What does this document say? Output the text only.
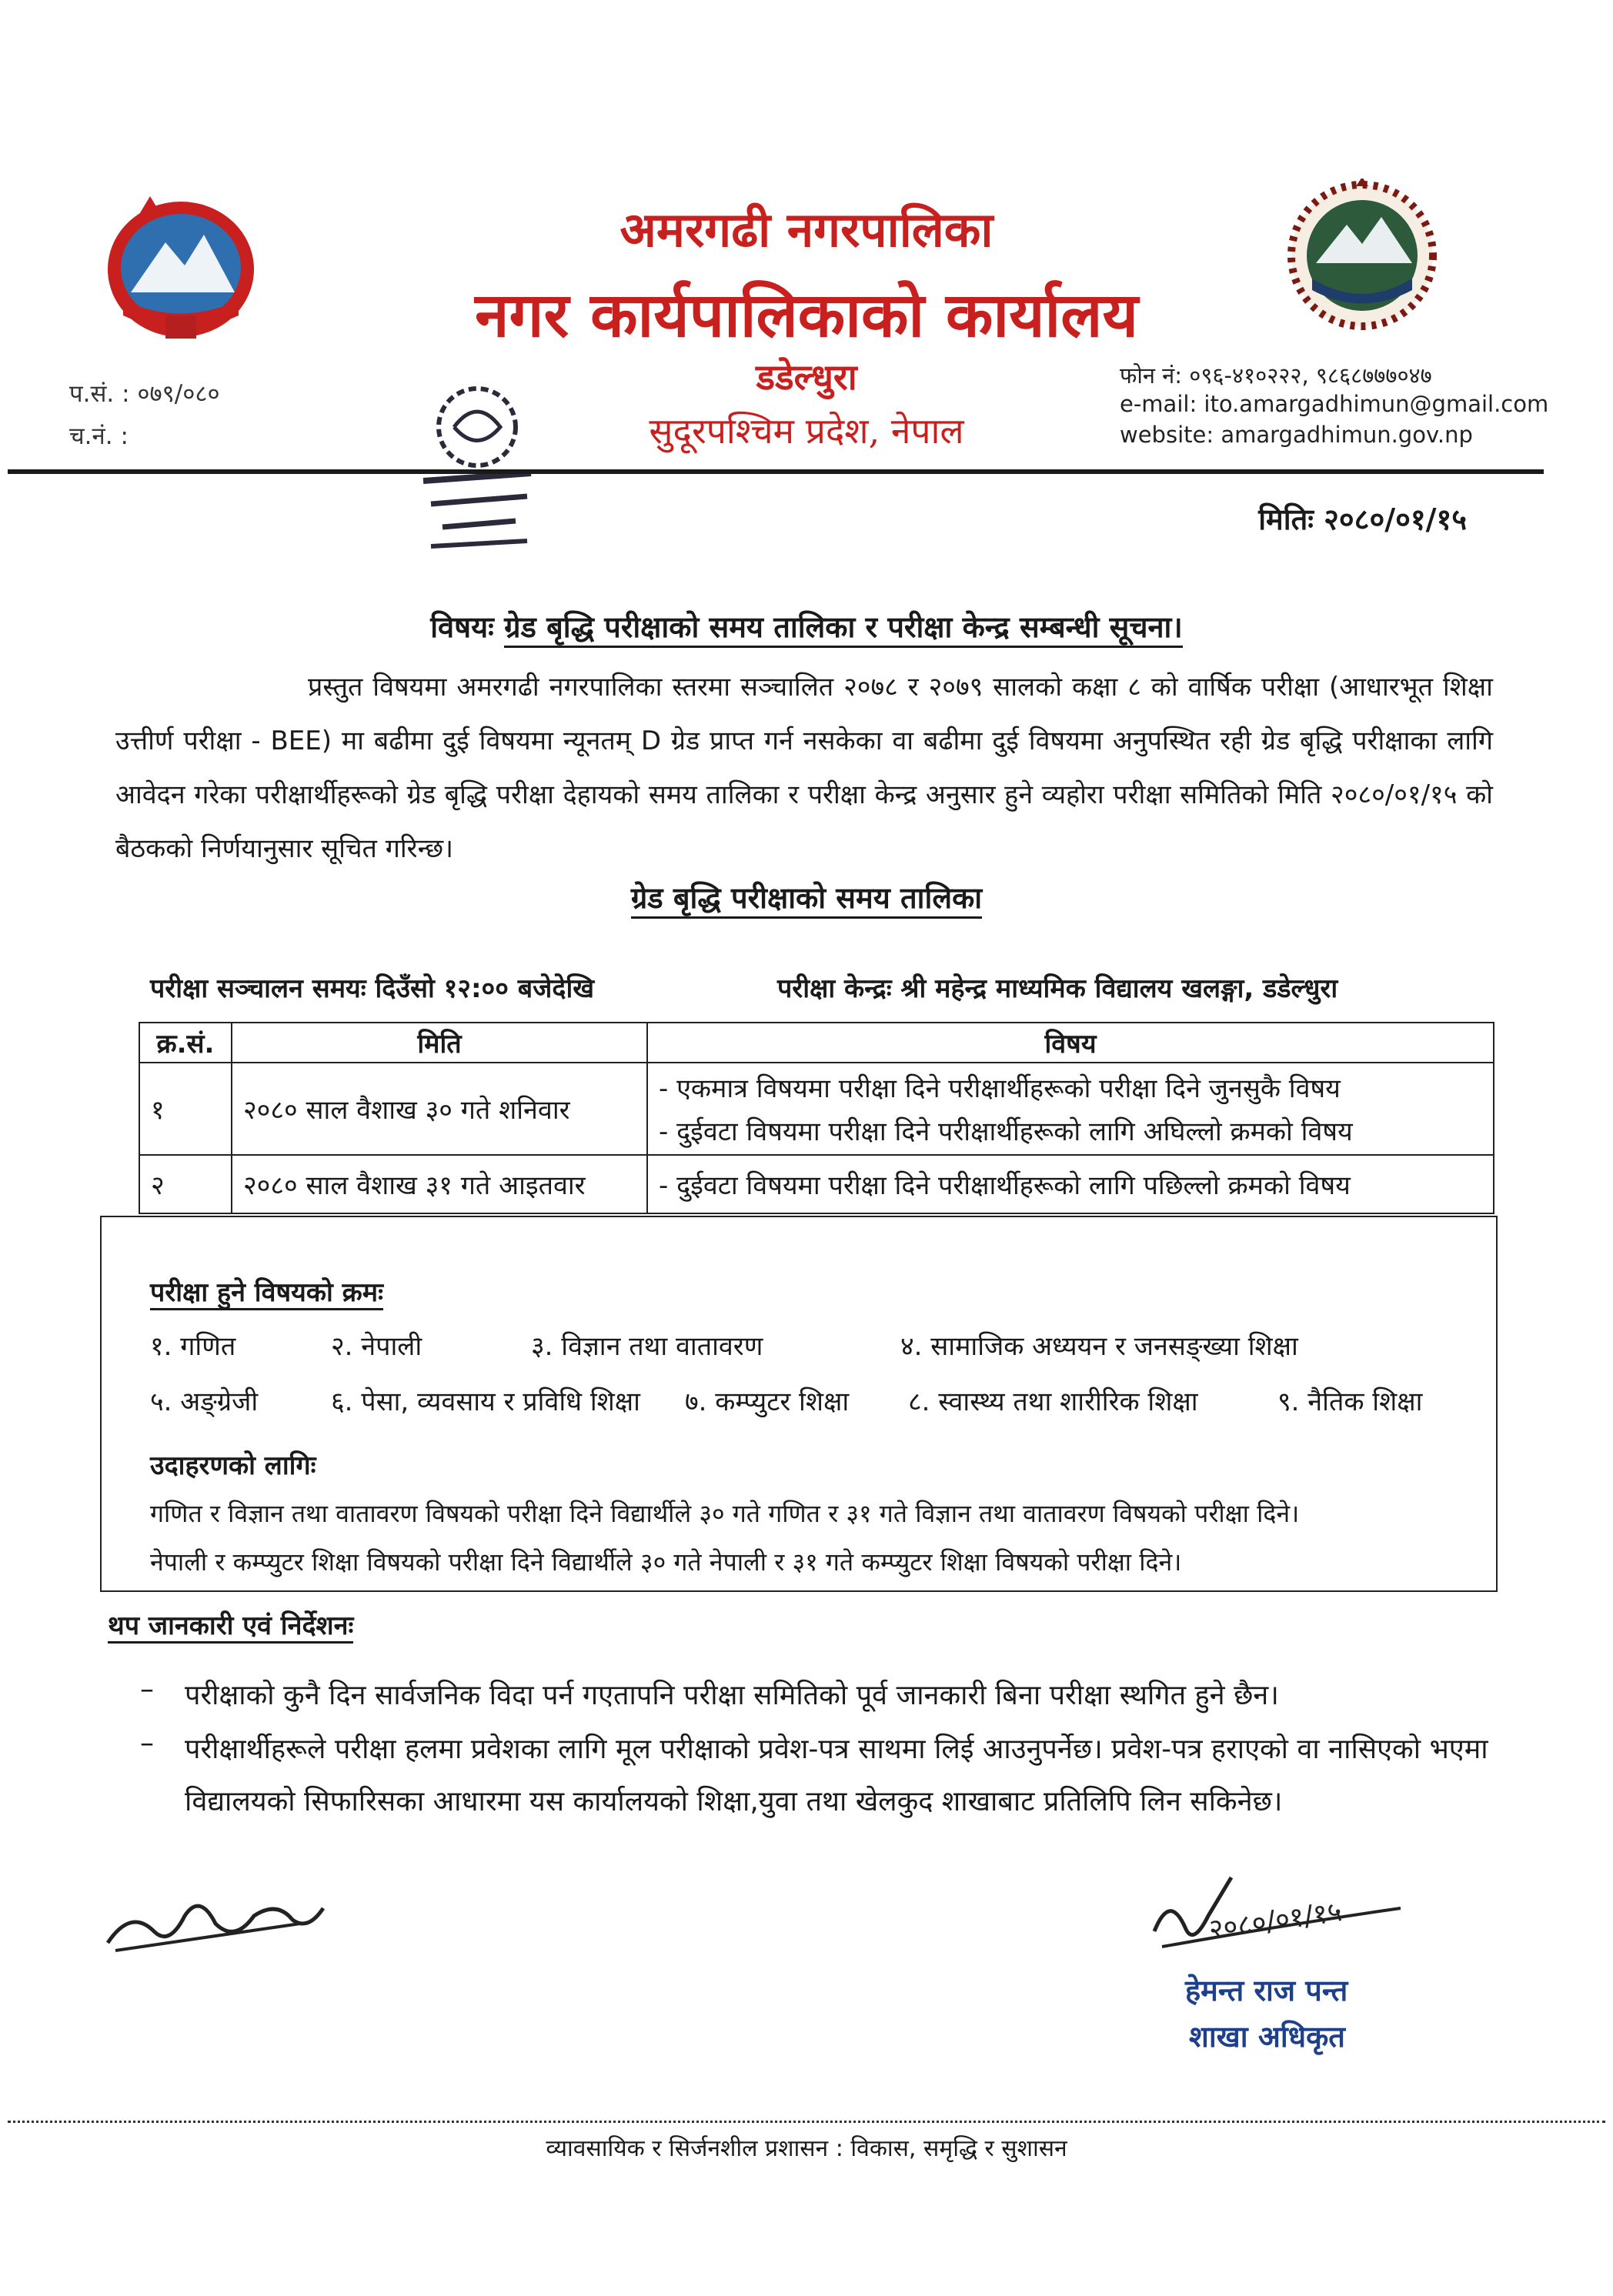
अमरगढी नगरपालिका
नगर कार्यपालिकाको कार्यालय
डडेल्धुरा
सुदूरपश्चिम प्रदेश, नेपाल
प.सं. : ०७९/०८०
च.नं. :
फोन नं: ०९६-४१०२२२, ९८६८७७७०४७
e-mail: ito.amargadhimun@gmail.com
website: amargadhimun.gov.np
मितिः २०८०/०१/१५
विषयः ग्रेड बृद्धि परीक्षाको समय तालिका र परीक्षा केन्द्र सम्बन्धी सूचना।
प्रस्तुत विषयमा अमरगढी नगरपालिका स्तरमा सञ्चालित २०७८ र २०७९ सालको कक्षा ८ को वार्षिक परीक्षा (आधारभूत शिक्षा उत्तीर्ण परीक्षा - BEE) मा बढीमा दुई विषयमा न्यूनतम् D ग्रेड प्राप्त गर्न नसकेका वा बढीमा दुई विषयमा अनुपस्थित रही ग्रेड बृद्धि परीक्षाका लागि आवेदन गरेका परीक्षार्थीहरूको ग्रेड बृद्धि परीक्षा देहायको समय तालिका र परीक्षा केन्द्र अनुसार हुने व्यहोरा परीक्षा समितिको मिति २०८०/०१/१५ को बैठकको निर्णयानुसार सूचित गरिन्छ।
ग्रेड बृद्धि परीक्षाको समय तालिका
परीक्षा सञ्चालन समयः दिउँसो १२:०० बजेदेखि	परीक्षा केन्द्रः श्री महेन्द्र माध्यमिक विद्यालय खलङ्गा, डडेल्धुरा
क्र.सं.	मिति	विषय
१	२०८० साल वैशाख ३० गते शनिवार	- एकमात्र विषयमा परीक्षा दिने परीक्षार्थीहरूको परीक्षा दिने जुनसुकै विषय
- दुईवटा विषयमा परीक्षा दिने परीक्षार्थीहरूको लागि अघिल्लो क्रमको विषय

२	२०८० साल वैशाख ३१ गते आइतवार	- दुईवटा विषयमा परीक्षा दिने परीक्षार्थीहरूको लागि पछिल्लो क्रमको विषय
परीक्षा हुने विषयको क्रमः
१. गणित	२. नेपाली	३. विज्ञान तथा वातावरण	४. सामाजिक अध्ययन र जनसङ्ख्या शिक्षा
५. अङ्ग्रेजी	६. पेसा, व्यवसाय र प्रविधि शिक्षा ७. कम्प्युटर शिक्षा ८. स्वास्थ्य तथा शारीरिक शिक्षा	९. नैतिक शिक्षा
उदाहरणको लागिः
गणित र विज्ञान तथा वातावरण विषयको परीक्षा दिने विद्यार्थीले ३० गते गणित र ३१ गते विज्ञान तथा वातावरण विषयको परीक्षा दिने।
नेपाली र कम्प्युटर शिक्षा विषयको परीक्षा दिने विद्यार्थीले ३० गते नेपाली र ३१ गते कम्प्युटर शिक्षा विषयको परीक्षा दिने।
थप जानकारी एवं निर्देशनः
– परीक्षाको कुनै दिन सार्वजनिक विदा पर्न गएतापनि परीक्षा समितिको पूर्व जानकारी बिना परीक्षा स्थगित हुने छैन।
– परीक्षार्थीहरूले परीक्षा हलमा प्रवेशका लागि मूल परीक्षाको प्रवेश-पत्र साथमा लिई आउनुपर्नेछ। प्रवेश-पत्र हराएको वा नासिएको भएमा विद्यालयको सिफारिसका आधारमा यस कार्यालयको शिक्षा,युवा तथा खेलकुद शाखाबाट प्रतिलिपि लिन सकिनेछ।
२०८०/०१/१५
हेमन्त राज पन्त
शाखा अधिकृत
व्यावसायिक र सिर्जनशील प्रशासन : विकास, समृद्धि र सुशासन
